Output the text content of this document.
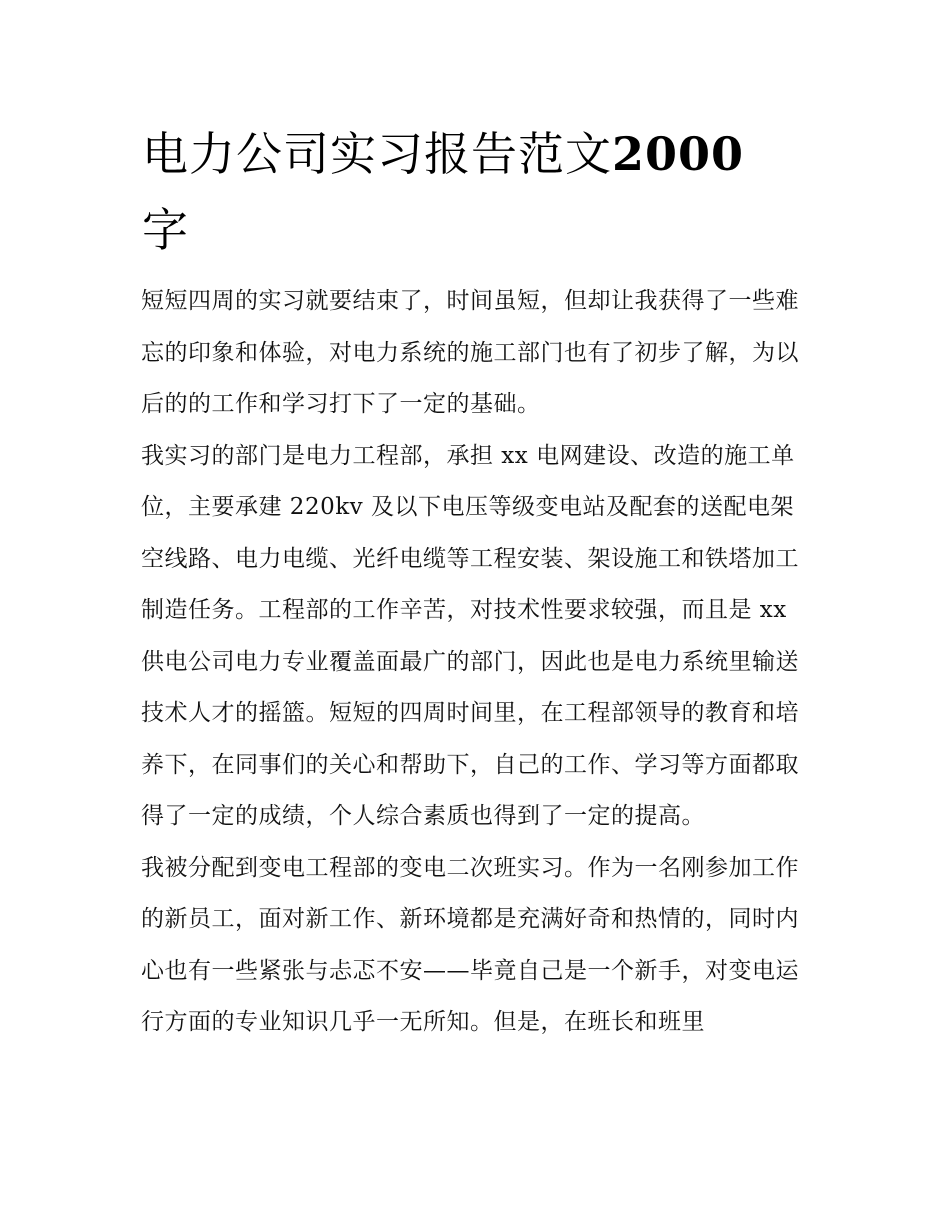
电力公司实习报告范文2000
字

短短四周的实习就要结束了，时间虽短，但却让我获得了一些难忘的印象和体验，对电力系统的施工部门也有了初步了解，为以后的的工作和学习打下了一定的基础。

我实习的部门是电力工程部，承担 xx 电网建设、改造的施工单位，主要承建 220kv 及以下电压等级变电站及配套的送配电架空线路、电力电缆、光纤电缆等工程安装、架设施工和铁塔加工制造任务。工程部的工作辛苦，对技术性要求较强，而且是 xx 供电公司电力专业覆盖面最广的部门，因此也是电力系统里输送技术人才的摇篮。短短的四周时间里，在工程部领导的教育和培养下，在同事们的关心和帮助下，自己的工作、学习等方面都取得了一定的成绩，个人综合素质也得到了一定的提高。

我被分配到变电工程部的变电二次班实习。作为一名刚参加工作的新员工，面对新工作、新环境都是充满好奇和热情的，同时内心也有一些紧张与忐忑不安——毕竟自己是一个新手，对变电运行方面的专业知识几乎一无所知。但是，在班长和班里
